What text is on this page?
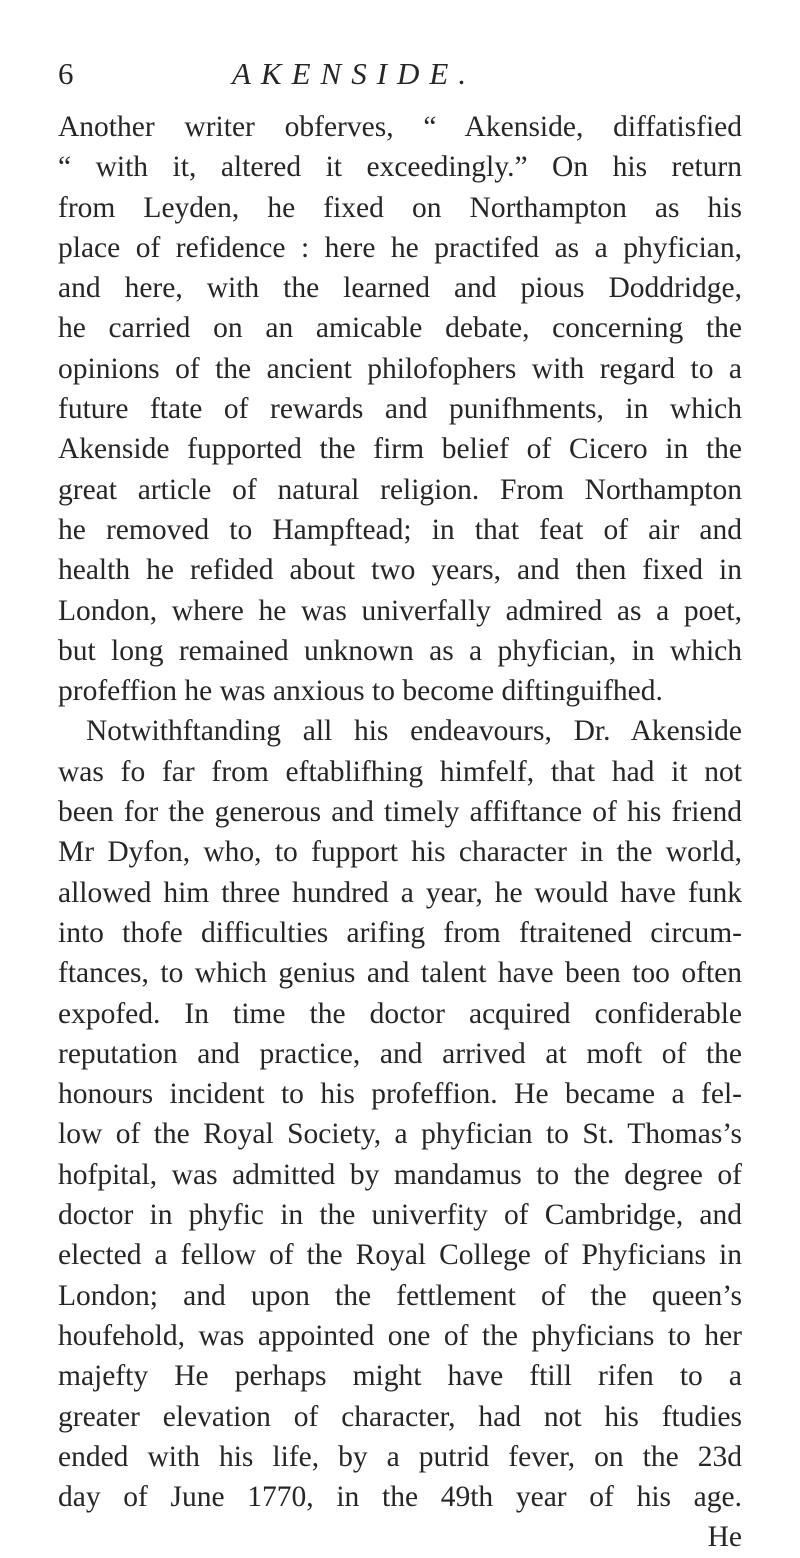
6	AKENSIDE.
Another writer obferves, “ Akenside, diffatisfied
“ with it, altered it exceedingly.” On his return
from Leyden, he fixed on Northampton as his
place of refidence : here he practifed as a phyfician,
and here, with the learned and pious Doddridge,
he carried on an amicable debate, concerning the
opinions of the ancient philofophers with regard to a
future ftate of rewards and punifhments, in which
Akenside fupported the firm belief of Cicero in the
great article of natural religion. From Northampton
he removed to Hampftead; in that feat of air and
health he refided about two years, and then fixed in
London, where he was univerfally admired as a poet,
but long remained unknown as a phyfician, in which
profeffion he was anxious to become diftinguifhed.
Notwithftanding all his endeavours, Dr. Akenside
was fo far from eftablifhing himfelf, that had it not
been for the generous and timely affiftance of his friend
Mr Dyfon, who, to fupport his character in the world,
allowed him three hundred a year, he would have funk
into thofe difficulties arifing from ftraitened circum-
ftances, to which genius and talent have been too often
expofed. In time the doctor acquired confiderable
reputation and practice, and arrived at moft of the
honours incident to his profeffion. He became a fel-
low of the Royal Society, a phyfician to St. Thomas’s
hofpital, was admitted by mandamus to the degree of
doctor in phyfic in the univerfity of Cambridge, and
elected a fellow of the Royal College of Phyficians in
London; and upon the fettlement of the queen’s
houfehold, was appointed one of the phyficians to her
majefty He perhaps might have ftill rifen to a
greater elevation of character, had not his ftudies
ended with his life, by a putrid fever, on the 23d
day of June 1770, in the 49th year of his age.
He
